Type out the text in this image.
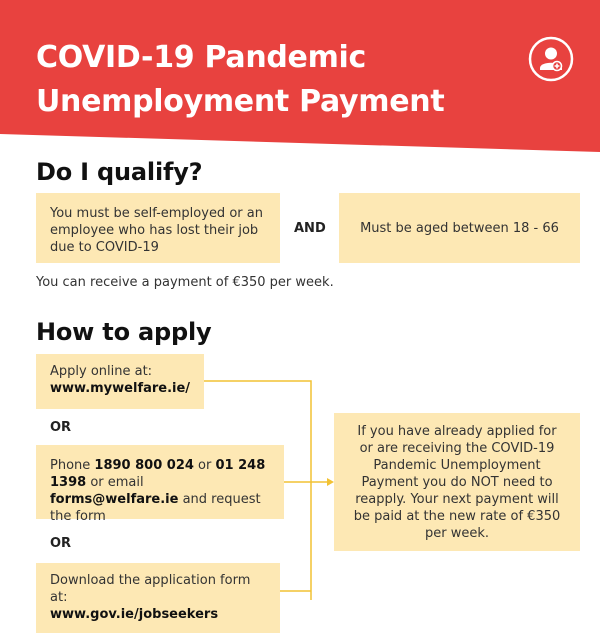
COVID-19 Pandemic
Unemployment Payment
Do I qualify?
You must be self-employed or an employee who has lost their job due to COVID-19
AND	Must be aged between 18 - 66
You can receive a payment of €350 per week.
How to apply
Apply online at:
www.mywelfare.ie/
OR
Phone 1890 800 024 or 01 248 1398 or email forms@welfare.ie and request the form
OR
Download the application form at:
www.gov.ie/jobseekers
If you have already applied for or are receiving the COVID-19 Pandemic Unemployment Payment you do NOT need to reapply. Your next payment will be paid at the new rate of €350 per week.
